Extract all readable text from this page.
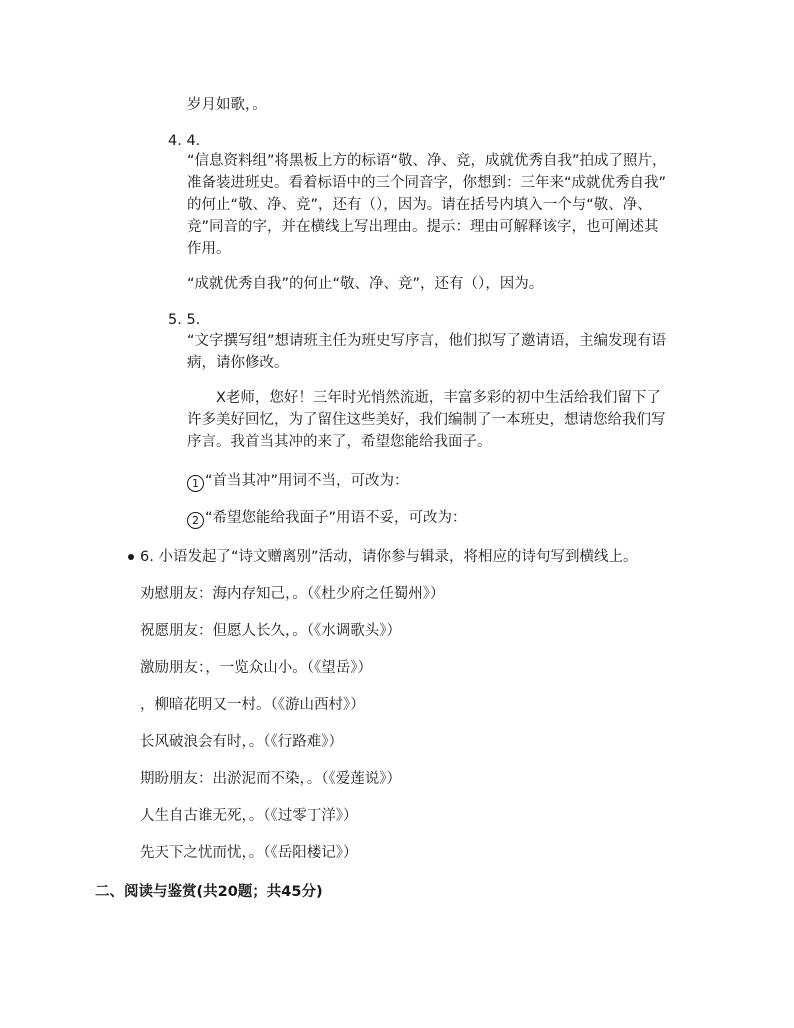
岁月如歌，。
4. 4.
“信息资料组”将黑板上方的标语“敬、净、竞，成就优秀自我”拍成了照片，
准备装进班史。看着标语中的三个同音字，你想到：三年来“成就优秀自我”
的何止“敬、净、竞”，还有（），因为。请在括号内填入一个与“敬、净、
竞”同音的字，并在横线上写出理由。提示：理由可解释该字，也可阐述其
作用。
“成就优秀自我”的何止“敬、净、竞”，还有（），因为。
5. 5.
“文字撰写组”想请班主任为班史写序言，他们拟写了邀请语，主编发现有语
病，请你修改。
X老师，您好！三年时光悄然流逝，丰富多彩的初中生活给我们留下了
许多美好回忆，为了留住这些美好，我们编制了一本班史，想请您给我们写
序言。我首当其冲的来了，希望您能给我面子。
1 “首当其冲”用词不当，可改为：
2 “希望您能给我面子”用语不妥，可改为：
6. 小语发起了“诗文赠离别”活动，请你参与辑录，将相应的诗句写到横线上。
劝慰朋友：海内存知己，。（《杜少府之任蜀州》）
祝愿朋友：但愿人长久，。（《水调歌头》）
激励朋友：，一览众山小。（《望岳》）
，柳暗花明又一村。（《游山西村》）
长风破浪会有时，。（《行路难》）
期盼朋友：出淤泥而不染，。（《爱莲说》）
人生自古谁无死，。（《过零丁洋》）
先天下之忧而忧，。（《岳阳楼记》）
二、阅读与鉴赏(共20题；共45分)
